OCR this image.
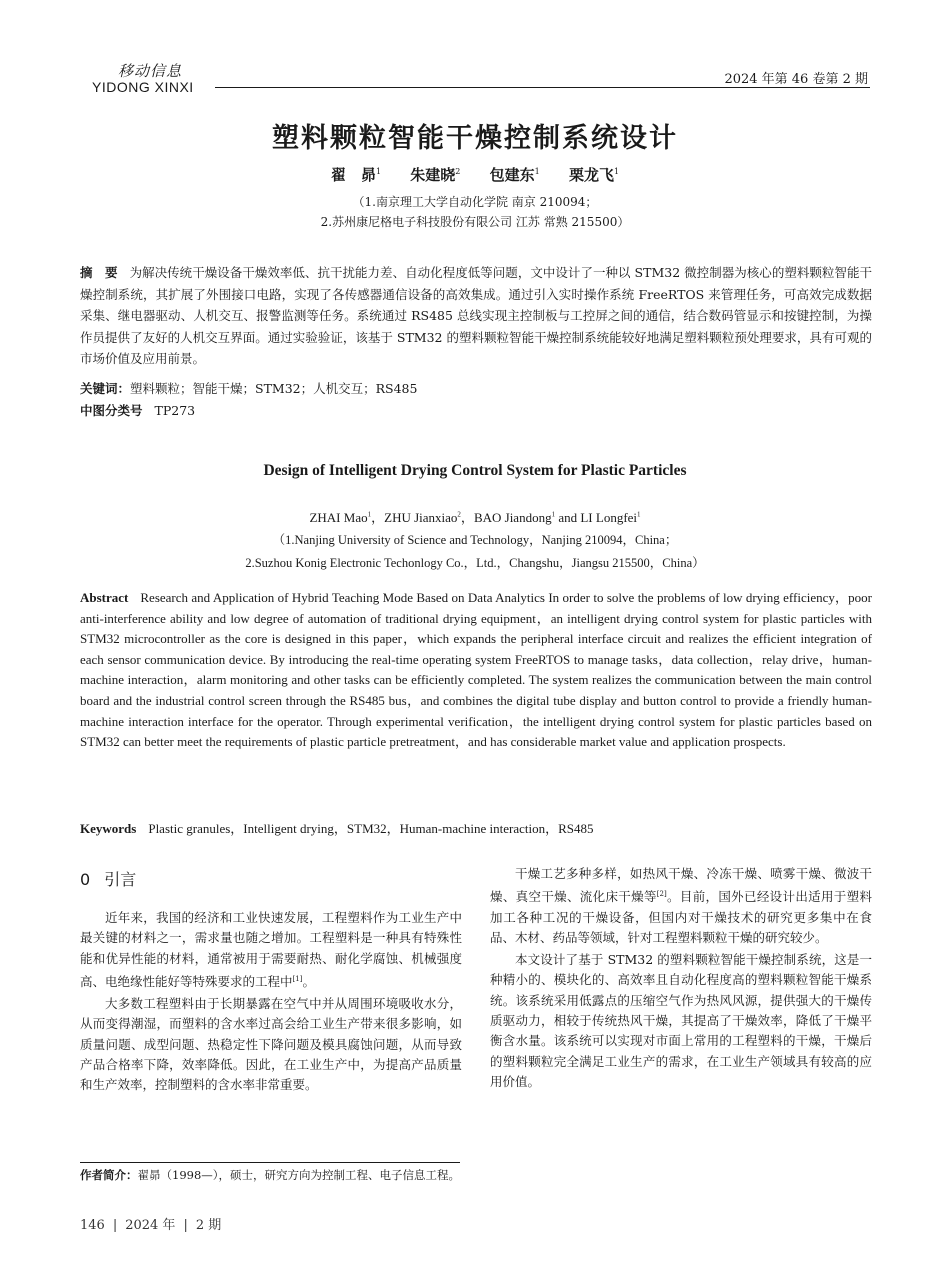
移动信息
YIDONG XINXI	2024 年第 46 卷第 2 期
塑料颗粒智能干燥控制系统设计
翟　昴$^1$ 朱建晓$^2$ 包建东$^1$ 栗龙飞$^1$
（1.南京理工大学自动化学院 南京 210094；
2.苏州康尼格电子科技股份有限公司 江苏 常熟 215500）
摘　要 为解决传统干燥设备干燥效率低、抗干扰能力差、自动化程度低等问题，文中设计了一种以 STM32 微控制器为核心的塑料颗粒智能干燥控制系统，其扩展了外围接口电路，实现了各传感器通信设备的高效集成。通过引入实时操作系统 FreeRTOS 来管理任务，可高效完成数据采集、继电器驱动、人机交互、报警监测等任务。系统通过 RS485 总线实现主控制板与工控屏之间的通信，结合数码管显示和按键控制，为操作员提供了友好的人机交互界面。通过实验验证，该基于 STM32 的塑料颗粒智能干燥控制系统能较好地满足塑料颗粒预处理要求，具有可观的市场价值及应用前景。
关键词：塑料颗粒；智能干燥；STM32；人机交互；RS485
中图分类号 TP273
Design of Intelligent Drying Control System for Plastic Particles
ZHAI Mao$^1$，ZHU Jianxiao$^2$，BAO Jiandong$^1$ and LI Longfei$^1$
（1.Nanjing University of Science and Technology，Nanjing 210094，China；
2.Suzhou Konig Electronic Techonlogy Co.，Ltd.，Changshu，Jiangsu 215500，China）
Abstract Research and Application of Hybrid Teaching Mode Based on Data Analytics In order to solve the problems of low drying efficiency，poor anti-interference ability and low degree of automation of traditional drying equipment，an intelligent drying control system for plastic particles with STM32 microcontroller as the core is designed in this paper，which expands the peripheral interface circuit and realizes the efficient integration of each sensor communication device. By introducing the real-time operating system FreeRTOS to manage tasks，data collection，relay drive，human-machine interaction，alarm monitoring and other tasks can be efficiently completed. The system realizes the communication between the main control board and the industrial control screen through the RS485 bus，and combines the digital tube display and button control to provide a friendly human-machine interaction interface for the operator. Through experimental verification，the intelligent drying control system for plastic particles based on STM32 can better meet the requirements of plastic particle pretreatment，and has considerable market value and application prospects.
Keywords Plastic granules，Intelligent drying，STM32，Human-machine interaction，RS485
0 引言

近年来，我国的经济和工业快速发展，工程塑料作为工业生产中最关键的材料之一，需求量也随之增加。工程塑料是一种具有特殊性能和优异性能的材料，通常被用于需要耐热、耐化学腐蚀、机械强度高、电绝缘性能好等特殊要求的工程中[1]。

大多数工程塑料由于长期暴露在空气中并从周围环境吸收水分，从而变得潮湿，而塑料的含水率过高会给工业生产带来很多影响，如质量问题、成型问题、热稳定性下降问题及模具腐蚀问题，从而导致产品合格率下降，效率降低。因此，在工业生产中，为提高产品质量和生产效率，控制塑料的含水率非常重要。

干燥工艺多种多样，如热风干燥、冷冻干燥、喷雾干燥、微波干燥、真空干燥、流化床干燥等[2]。目前，国外已经设计出适用于塑料加工各种工况的干燥设备，但国内对干燥技术的研究更多集中在食品、木材、药品等领域，针对工程塑料颗粒干燥的研究较少。

本文设计了基于 STM32 的塑料颗粒智能干燥控制系统，这是一种精小的、模块化的、高效率且自动化程度高的塑料颗粒智能干燥系统。该系统采用低露点的压缩空气作为热风风源，提供强大的干燥传质驱动力，相较于传统热风干燥，其提高了干燥效率，降低了干燥平衡含水量。该系统可以实现对市面上常用的工程塑料的干燥，干燥后的塑料颗粒完全满足工业生产的需求，在工业生产领域具有较高的应用价值。

作者简介：翟昴（1998—），硕士，研究方向为控制工程、电子信息工程。
146 | 2024 年 | 2 期
